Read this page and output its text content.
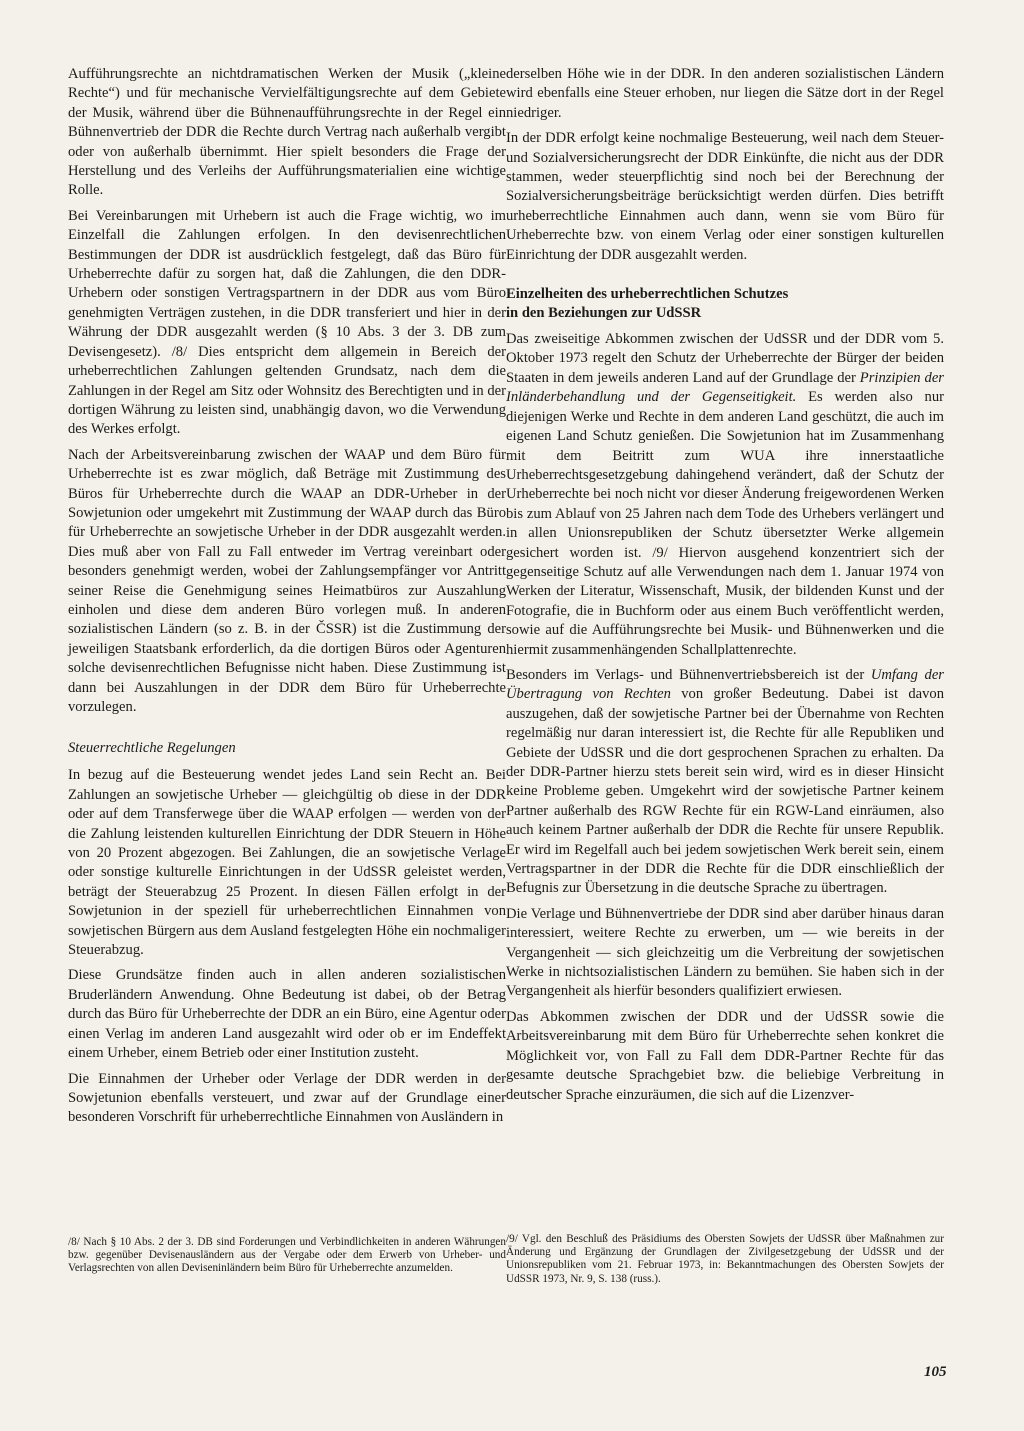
Aufführungsrechte an nichtdramatischen Werken der Musik („kleine Rechte“) und für mechanische Vervielfältigungsrechte auf dem Gebiete der Musik, während über die Bühnenaufführungsrechte in der Regel ein Bühnenvertrieb der DDR die Rechte durch Vertrag nach außerhalb vergibt oder von außerhalb übernimmt. Hier spielt besonders die Frage der Herstellung und des Verleihs der Aufführungsmaterialien eine wichtige Rolle.

Bei Vereinbarungen mit Urhebern ist auch die Frage wichtig, wo im Einzelfall die Zahlungen erfolgen. In den devisenrechtlichen Bestimmungen der DDR ist ausdrücklich festgelegt, daß das Büro für Urheberrechte dafür zu sorgen hat, daß die Zahlungen, die den DDR-Urhebern oder sonstigen Vertragspartnern in der DDR aus vom Büro genehmigten Verträgen zustehen, in die DDR transferiert und hier in der Währung der DDR ausgezahlt werden (§ 10 Abs. 3 der 3. DB zum Devisengesetz). /8/ Dies entspricht dem allgemein in Bereich der urheberrechtlichen Zahlungen geltenden Grundsatz, nach dem die Zahlungen in der Regel am Sitz oder Wohnsitz des Berechtigten und in der dortigen Währung zu leisten sind, unabhängig davon, wo die Verwendung des Werkes erfolgt.

Nach der Arbeitsvereinbarung zwischen der WAAP und dem Büro für Urheberrechte ist es zwar möglich, daß Beträge mit Zustimmung des Büros für Urheberrechte durch die WAAP an DDR-Urheber in der Sowjetunion oder umgekehrt mit Zustimmung der WAAP durch das Büro für Urheberrechte an sowjetische Urheber in der DDR ausgezahlt werden. Dies muß aber von Fall zu Fall entweder im Vertrag vereinbart oder besonders genehmigt werden, wobei der Zahlungsempfänger vor Antritt seiner Reise die Genehmigung seines Heimatbüros zur Auszahlung einholen und diese dem anderen Büro vorlegen muß. In anderen sozialistischen Ländern (so z. B. in der ČSSR) ist die Zustimmung der jeweiligen Staatsbank erforderlich, da die dortigen Büros oder Agenturen solche devisenrechtlichen Befugnisse nicht haben. Diese Zustimmung ist dann bei Auszahlungen in der DDR dem Büro für Urheberrechte vorzulegen.

Steuerrechtliche Regelungen

In bezug auf die Besteuerung wendet jedes Land sein Recht an. Bei Zahlungen an sowjetische Urheber — gleichgültig ob diese in der DDR oder auf dem Transferwege über die WAAP erfolgen — werden von der die Zahlung leistenden kulturellen Einrichtung der DDR Steuern in Höhe von 20 Prozent abgezogen. Bei Zahlungen, die an sowjetische Verlage oder sonstige kulturelle Einrichtungen in der UdSSR geleistet werden, beträgt der Steuerabzug 25 Prozent. In diesen Fällen erfolgt in der Sowjetunion in der speziell für urheberrechtlichen Einnahmen von sowjetischen Bürgern aus dem Ausland festgelegten Höhe ein nochmaliger Steuerabzug.

Diese Grundsätze finden auch in allen anderen sozialistischen Bruderländern Anwendung. Ohne Bedeutung ist dabei, ob der Betrag durch das Büro für Urheberrechte der DDR an ein Büro, eine Agentur oder einen Verlag im anderen Land ausgezahlt wird oder ob er im Endeffekt einem Urheber, einem Betrieb oder einer Institution zusteht.

Die Einnahmen der Urheber oder Verlage der DDR werden in der Sowjetunion ebenfalls versteuert, und zwar auf der Grundlage einer besonderen Vorschrift für urheberrechtliche Einnahmen von Ausländern in

derselben Höhe wie in der DDR. In den anderen sozialistischen Ländern wird ebenfalls eine Steuer erhoben, nur liegen die Sätze dort in der Regel niedriger.

In der DDR erfolgt keine nochmalige Besteuerung, weil nach dem Steuer- und Sozialversicherungsrecht der DDR Einkünfte, die nicht aus der DDR stammen, weder steuerpflichtig sind noch bei der Berechnung der Sozialversicherungsbeiträge berücksichtigt werden dürfen. Dies betrifft urheberrechtliche Einnahmen auch dann, wenn sie vom Büro für Urheberrechte bzw. von einem Verlag oder einer sonstigen kulturellen Einrichtung der DDR ausgezahlt werden.

Einzelheiten des urheberrechtlichen Schutzes
in den Beziehungen zur UdSSR

Das zweiseitige Abkommen zwischen der UdSSR und der DDR vom 5. Oktober 1973 regelt den Schutz der Urheberrechte der Bürger der beiden Staaten in dem jeweils anderen Land auf der Grundlage der Prinzipien der Inländerbehandlung und der Gegenseitigkeit. Es werden also nur diejenigen Werke und Rechte in dem anderen Land geschützt, die auch im eigenen Land Schutz genießen. Die Sowjetunion hat im Zusammenhang mit dem Beitritt zum WUA ihre innerstaatliche Urheberrechtsgesetzgebung dahingehend verändert, daß der Schutz der Urheberrechte bei noch nicht vor dieser Änderung freigewordenen Werken bis zum Ablauf von 25 Jahren nach dem Tode des Urhebers verlängert und in allen Unionsrepubliken der Schutz übersetzter Werke allgemein gesichert worden ist. /9/ Hiervon ausgehend konzentriert sich der gegenseitige Schutz auf alle Verwendungen nach dem 1. Januar 1974 von Werken der Literatur, Wissenschaft, Musik, der bildenden Kunst und der Fotografie, die in Buchform oder aus einem Buch veröffentlicht werden, sowie auf die Aufführungsrechte bei Musik- und Bühnenwerken und die hiermit zusammenhängenden Schallplattenrechte.

Besonders im Verlags- und Bühnenvertriebsbereich ist der Umfang der Übertragung von Rechten von großer Bedeutung. Dabei ist davon auszugehen, daß der sowjetische Partner bei der Übernahme von Rechten regelmäßig nur daran interessiert ist, die Rechte für alle Republiken und Gebiete der UdSSR und die dort gesprochenen Sprachen zu erhalten. Da der DDR-Partner hierzu stets bereit sein wird, wird es in dieser Hinsicht keine Probleme geben. Umgekehrt wird der sowjetische Partner keinem Partner außerhalb des RGW Rechte für ein RGW-Land einräumen, also auch keinem Partner außerhalb der DDR die Rechte für unsere Republik. Er wird im Regelfall auch bei jedem sowjetischen Werk bereit sein, einem Vertragspartner in der DDR die Rechte für die DDR einschließlich der Befugnis zur Übersetzung in die deutsche Sprache zu übertragen.

Die Verlage und Bühnenvertriebe der DDR sind aber darüber hinaus daran interessiert, weitere Rechte zu erwerben, um — wie bereits in der Vergangenheit — sich gleichzeitig um die Verbreitung der sowjetischen Werke in nichtsozialistischen Ländern zu bemühen. Sie haben sich in der Vergangenheit als hierfür besonders qualifiziert erwiesen.

Das Abkommen zwischen der DDR und der UdSSR sowie die Arbeitsvereinbarung mit dem Büro für Urheberrechte sehen konkret die Möglichkeit vor, von Fall zu Fall dem DDR-Partner Rechte für das gesamte deutsche Sprachgebiet bzw. die beliebige Verbreitung in deutscher Sprache einzuräumen, die sich auf die Lizenzver-

/8/ Nach § 10 Abs. 2 der 3. DB sind Forderungen und Verbindlichkeiten in anderen Währungen bzw. gegenüber Devisenausländern aus der Vergabe oder dem Erwerb von Urheber- und Verlagsrechten von allen Deviseninländern beim Büro für Urheberrechte anzumelden.
/9/ Vgl. den Beschluß des Präsidiums des Obersten Sowjets der UdSSR über Maßnahmen zur Änderung und Ergänzung der Grundlagen der Zivilgesetzgebung der UdSSR und der Unionsrepubliken vom 21. Februar 1973, in: Bekanntmachungen des Obersten Sowjets der UdSSR 1973, Nr. 9, S. 138 (russ.).
105
